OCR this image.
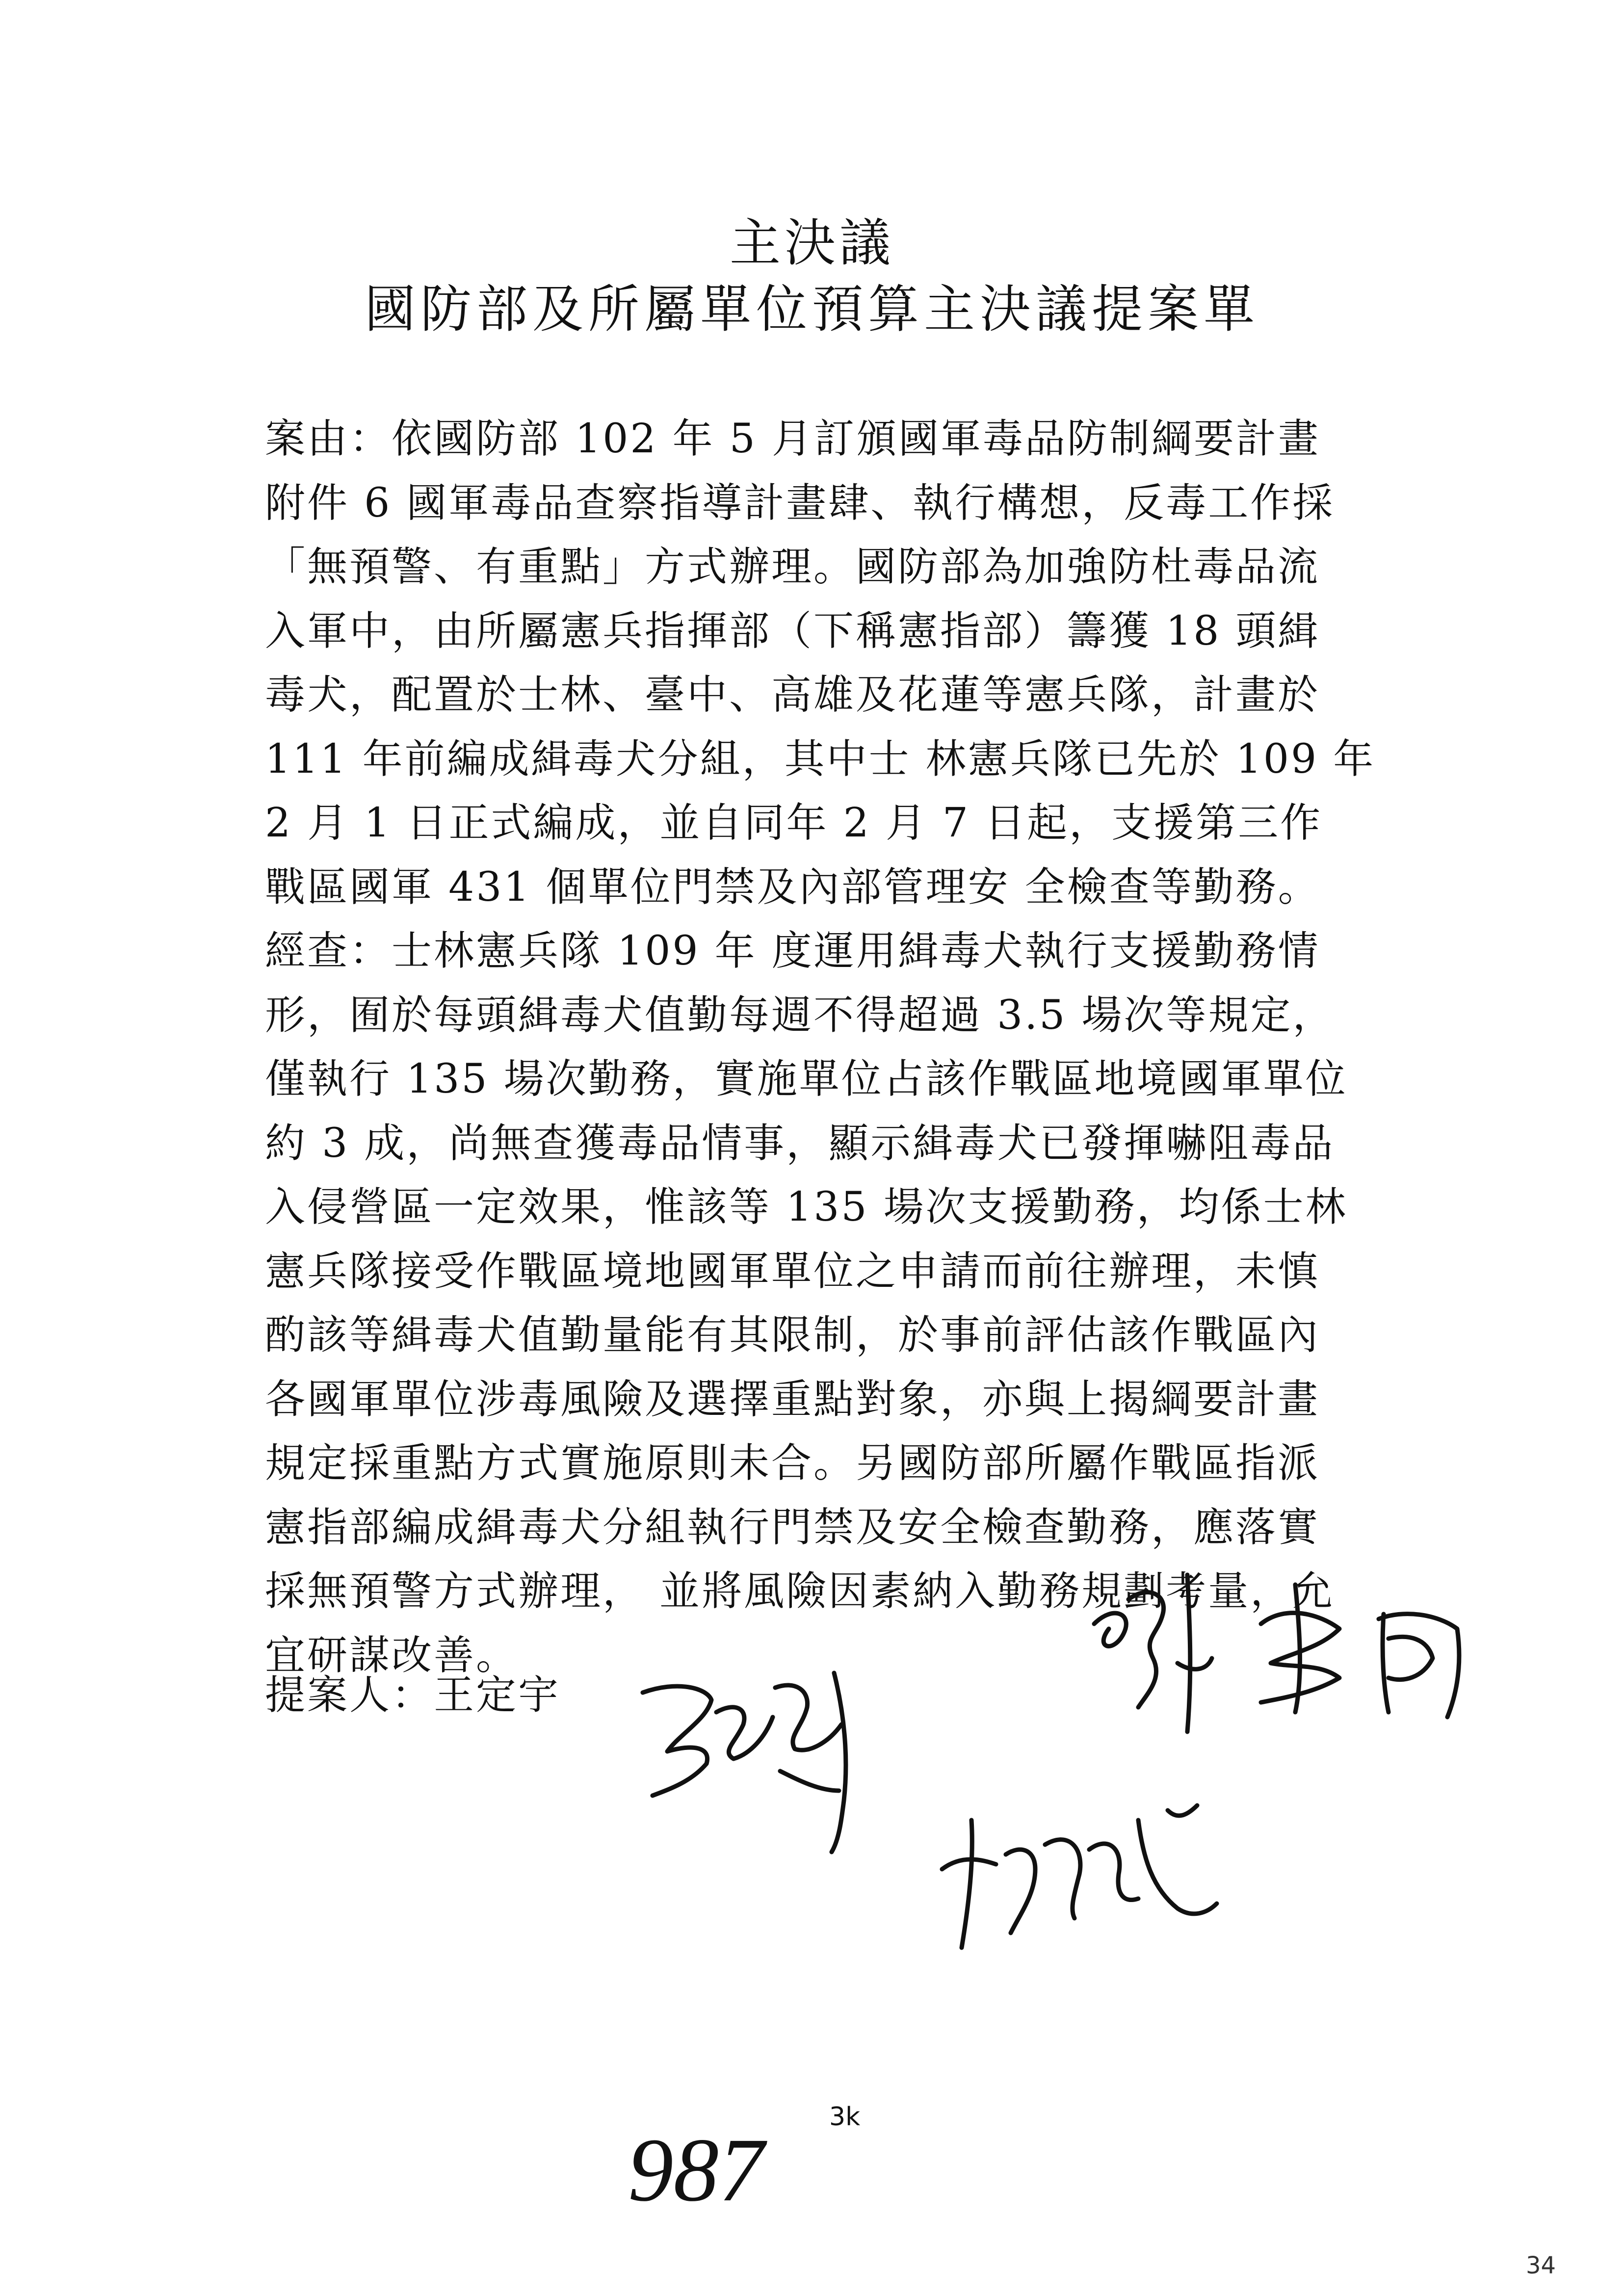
主決議
國防部及所屬單位預算主決議提案單
案由：依國防部 102 年 5 月訂頒國軍毒品防制綱要計畫
附件 6 國軍毒品查察指導計畫肆、執行構想，反毒工作採
「無預警、有重點」方式辦理。國防部為加強防杜毒品流
入軍中，由所屬憲兵指揮部（下稱憲指部）籌獲 18 頭緝
毒犬，配置於士林、臺中、高雄及花蓮等憲兵隊，計畫於
111 年前編成緝毒犬分組，其中士 林憲兵隊已先於 109 年
2 月 1 日正式編成，並自同年 2 月 7 日起，支援第三作
戰區國軍 431 個單位門禁及內部管理安 全檢查等勤務。
經查：士林憲兵隊 109 年 度運用緝毒犬執行支援勤務情
形，囿於每頭緝毒犬值勤每週不得超過 3.5 場次等規定，
僅執行 135 場次勤務，實施單位占該作戰區地境國軍單位
約 3 成，尚無查獲毒品情事，顯示緝毒犬已發揮嚇阻毒品
入侵營區一定效果，惟該等 135 場次支援勤務，均係士林
憲兵隊接受作戰區境地國軍單位之申請而前往辦理，未慎
酌該等緝毒犬值勤量能有其限制，於事前評估該作戰區內
各國軍單位涉毒風險及選擇重點對象，亦與上揭綱要計畫
規定採重點方式實施原則未合。另國防部所屬作戰區指派
憲指部編成緝毒犬分組執行門禁及安全檢查勤務，應落實
採無預警方式辦理， 並將風險因素納入勤務規劃考量，允
宜研謀改善。
提案人：王定宇
987
3k
34
